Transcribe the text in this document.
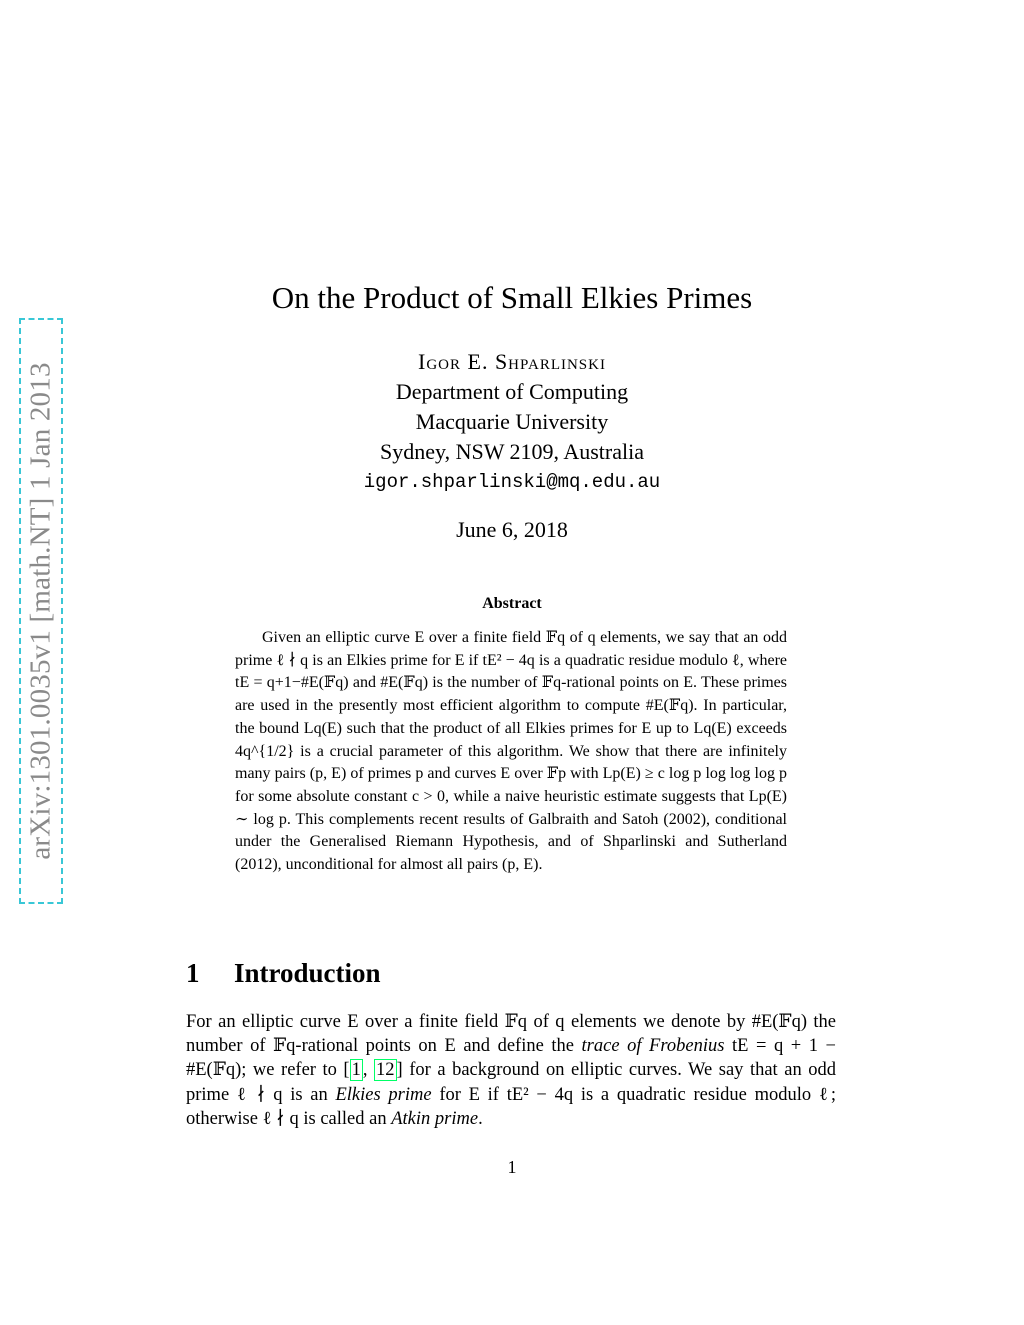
arXiv:1301.0035v1 [math.NT] 1 Jan 2013
On the Product of Small Elkies Primes
Igor E. Shparlinski
Department of Computing
Macquarie University
Sydney, NSW 2109, Australia
igor.shparlinski@mq.edu.au
June 6, 2018
Abstract

Given an elliptic curve E over a finite field 𝔽q of q elements, we say that an odd prime ℓ ∤ q is an Elkies prime for E if tE² − 4q is a quadratic residue modulo ℓ, where tE = q+1−#E(𝔽q) and #E(𝔽q) is the number of 𝔽q-rational points on E. These primes are used in the presently most efficient algorithm to compute #E(𝔽q). In particular, the bound Lq(E) such that the product of all Elkies primes for E up to Lq(E) exceeds 4q^{1/2} is a crucial parameter of this algorithm. We show that there are infinitely many pairs (p, E) of primes p and curves E over 𝔽p with Lp(E) ≥ c log p log log log p for some absolute constant c > 0, while a naive heuristic estimate suggests that Lp(E) ∼ log p. This complements recent results of Galbraith and Satoh (2002), conditional under the Generalised Riemann Hypothesis, and of Shparlinski and Sutherland (2012), unconditional for almost all pairs (p, E).

1 Introduction

For an elliptic curve E over a finite field 𝔽q of q elements we denote by #E(𝔽q) the number of 𝔽q-rational points on E and define the trace of Frobenius tE = q + 1 − #E(𝔽q); we refer to [ 1 , 12 ] for a background on elliptic curves. We say that an odd prime ℓ ∤ q is an Elkies prime for E if tE² − 4q is a quadratic residue modulo ℓ; otherwise ℓ ∤ q is called an Atkin prime.

1
